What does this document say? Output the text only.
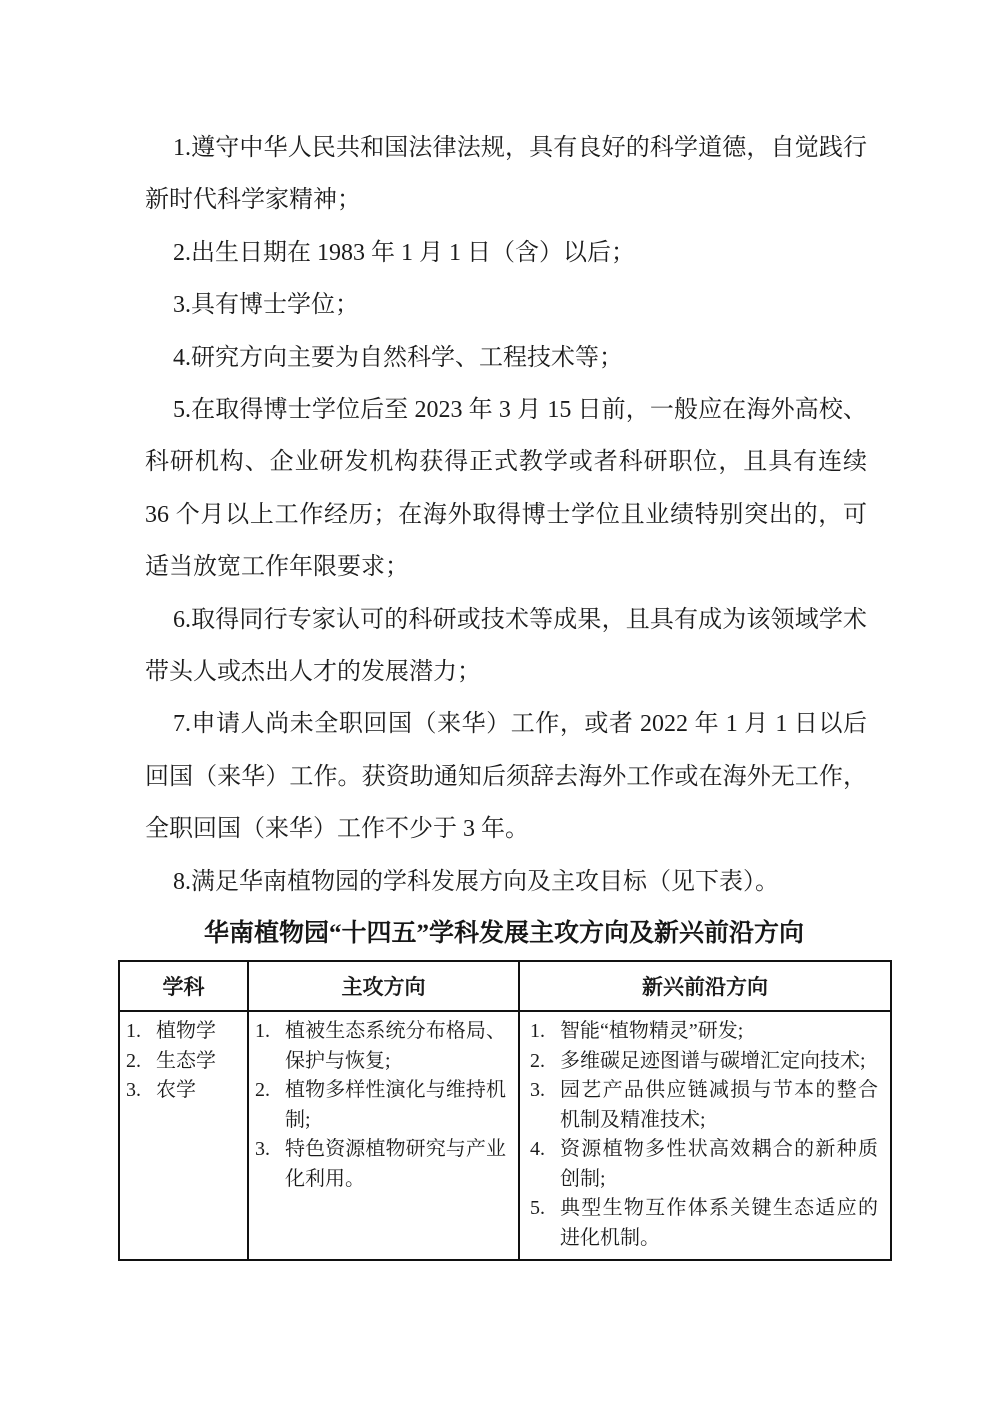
1.遵守中华人民共和国法律法规，具有良好的科学道德，自觉践行新时代科学家精神；

2.出生日期在 1983 年 1 月 1 日（含）以后；

3.具有博士学位；

4.研究方向主要为自然科学、工程技术等；

5.在取得博士学位后至 2023 年 3 月 15 日前，一般应在海外高校、科研机构、企业研发机构获得正式教学或者科研职位，且具有连续 36 个月以上工作经历；在海外取得博士学位且业绩特别突出的，可适当放宽工作年限要求；

6.取得同行专家认可的科研或技术等成果，且具有成为该领域学术带头人或杰出人才的发展潜力；

7.申请人尚未全职回国（来华）工作，或者 2022 年 1 月 1 日以后回国（来华）工作。获资助通知后须辞去海外工作或在海外无工作，全职回国（来华）工作不少于 3 年。

8.满足华南植物园的学科发展方向及主攻目标（见下表）。

华南植物园“十四五”学科发展主攻方向及新兴前沿方向
学科	主攻方向	新兴前沿方向

1. 植物学
2. 生态学
3. 农学

1. 植被生态系统分布格局、保护与恢复;
2. 植物多样性演化与维持机制;
3. 特色资源植物研究与产业化利用。

1. 智能“植物精灵”研发;
2. 多维碳足迹图谱与碳增汇定向技术;
3. 园艺产品供应链减损与节本的整合机制及精准技术;
4. 资源植物多性状高效耦合的新种质创制;
5. 典型生物互作体系关键生态适应的进化机制。
